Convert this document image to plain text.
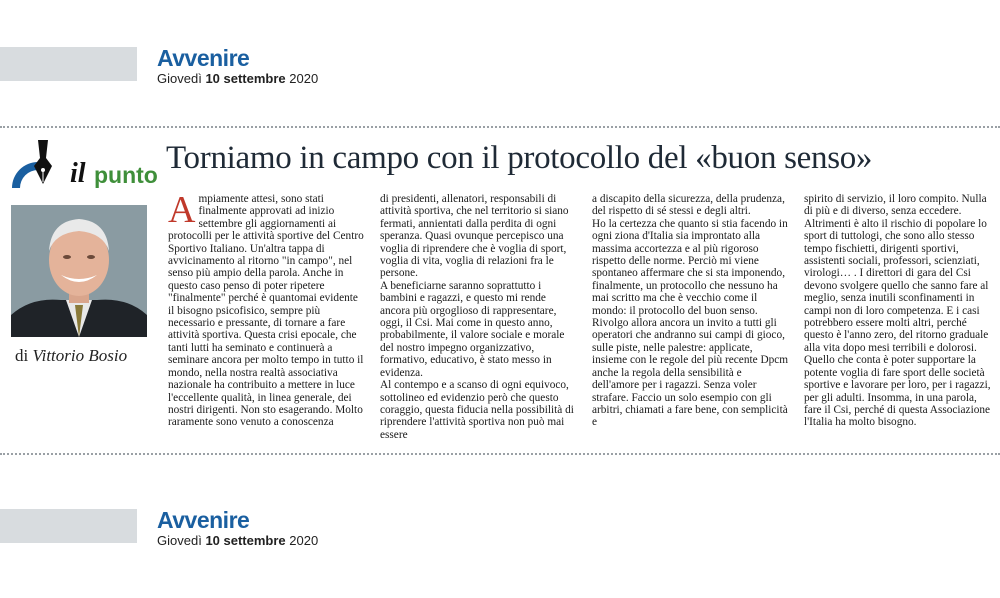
Avvenire
Giovedì 10 settembre 2020
il punto
di Vittorio Bosio
Torniamo in campo con il protocollo del «buon senso»
A mpiamente attesi, sono stati finalmente approvati ad inizio settembre gli aggiornamenti ai protocolli per le attività sportive del Centro Sportivo Italiano. Un'altra tappa di avvicinamento al ritorno "in campo", nel senso più ampio della parola. Anche in questo caso penso di poter ripetere "finalmente" perché è quantomai evidente il bisogno psicofisico, sempre più necessario e pressante, di tornare a fare attività sportiva. Questa crisi epocale, che tanti lutti ha seminato e continuerà a seminare ancora per molto tempo in tutto il mondo, nella nostra realtà associativa nazionale ha contribuito a mettere in luce l'eccellente qualità, in linea generale, dei nostri dirigenti. Non sto esagerando. Molto raramente sono venuto a conoscenza
di presidenti, allenatori, responsabili di attività sportiva, che nel territorio si siano fermati, annientati dalla perdita di ogni speranza. Quasi ovunque percepisco una voglia di riprendere che è voglia di sport, voglia di vita, voglia di relazioni fra le persone.
A beneficiarne saranno soprattutto i bambini e ragazzi, e questo mi rende ancora più orgoglioso di rappresentare, oggi, il Csi. Mai come in questo anno, probabilmente, il valore sociale e morale del nostro impegno organizzativo, formativo, educativo, è stato messo in evidenza.
Al contempo e a scanso di ogni equivoco, sottolineo ed evidenzio però che questo coraggio, questa fiducia nella possibilità di riprendere l'attività sportiva non può mai essere
a discapito della sicurezza, della prudenza, del rispetto di sé stessi e degli altri.
Ho la certezza che quanto si stia facendo in ogni ziona d'Italia sia improntato alla massima accortezza e al più rigoroso rispetto delle norme. Perciò mi viene spontaneo affermare che si sta imponendo, finalmente, un protocollo che nessuno ha mai scritto ma che è vecchio come il mondo: il protocollo del buon senso.
Rivolgo allora ancora un invito a tutti gli operatori che andranno sui campi di gioco, sulle piste, nelle palestre: applicate, insieme con le regole del più recente Dpcm anche la regola della sensibilità e dell'amore per i ragazzi. Senza voler strafare. Faccio un solo esempio con gli arbitri, chiamati a fare bene, con semplicità e
spirito di servizio, il loro compito. Nulla di più e di diverso, senza eccedere. Altrimenti è alto il rischio di popolare lo sport di tuttologi, che sono allo stesso tempo fischietti, dirigenti sportivi, assistenti sociali, professori, scienziati, virologi… . I direttori di gara del Csi devono svolgere quello che sanno fare al meglio, senza inutili sconfinamenti in campi non di loro competenza. E i casi potrebbero essere molti altri, perché questo è l'anno zero, del ritorno graduale alla vita dopo mesi terribili e dolorosi. Quello che conta è poter supportare la potente voglia di fare sport delle società sportive e lavorare per loro, per i ragazzi, per gli adulti. Insomma, in una parola, fare il Csi, perché di questa Associazione l'Italia ha molto bisogno.
Avvenire
Giovedì 10 settembre 2020
